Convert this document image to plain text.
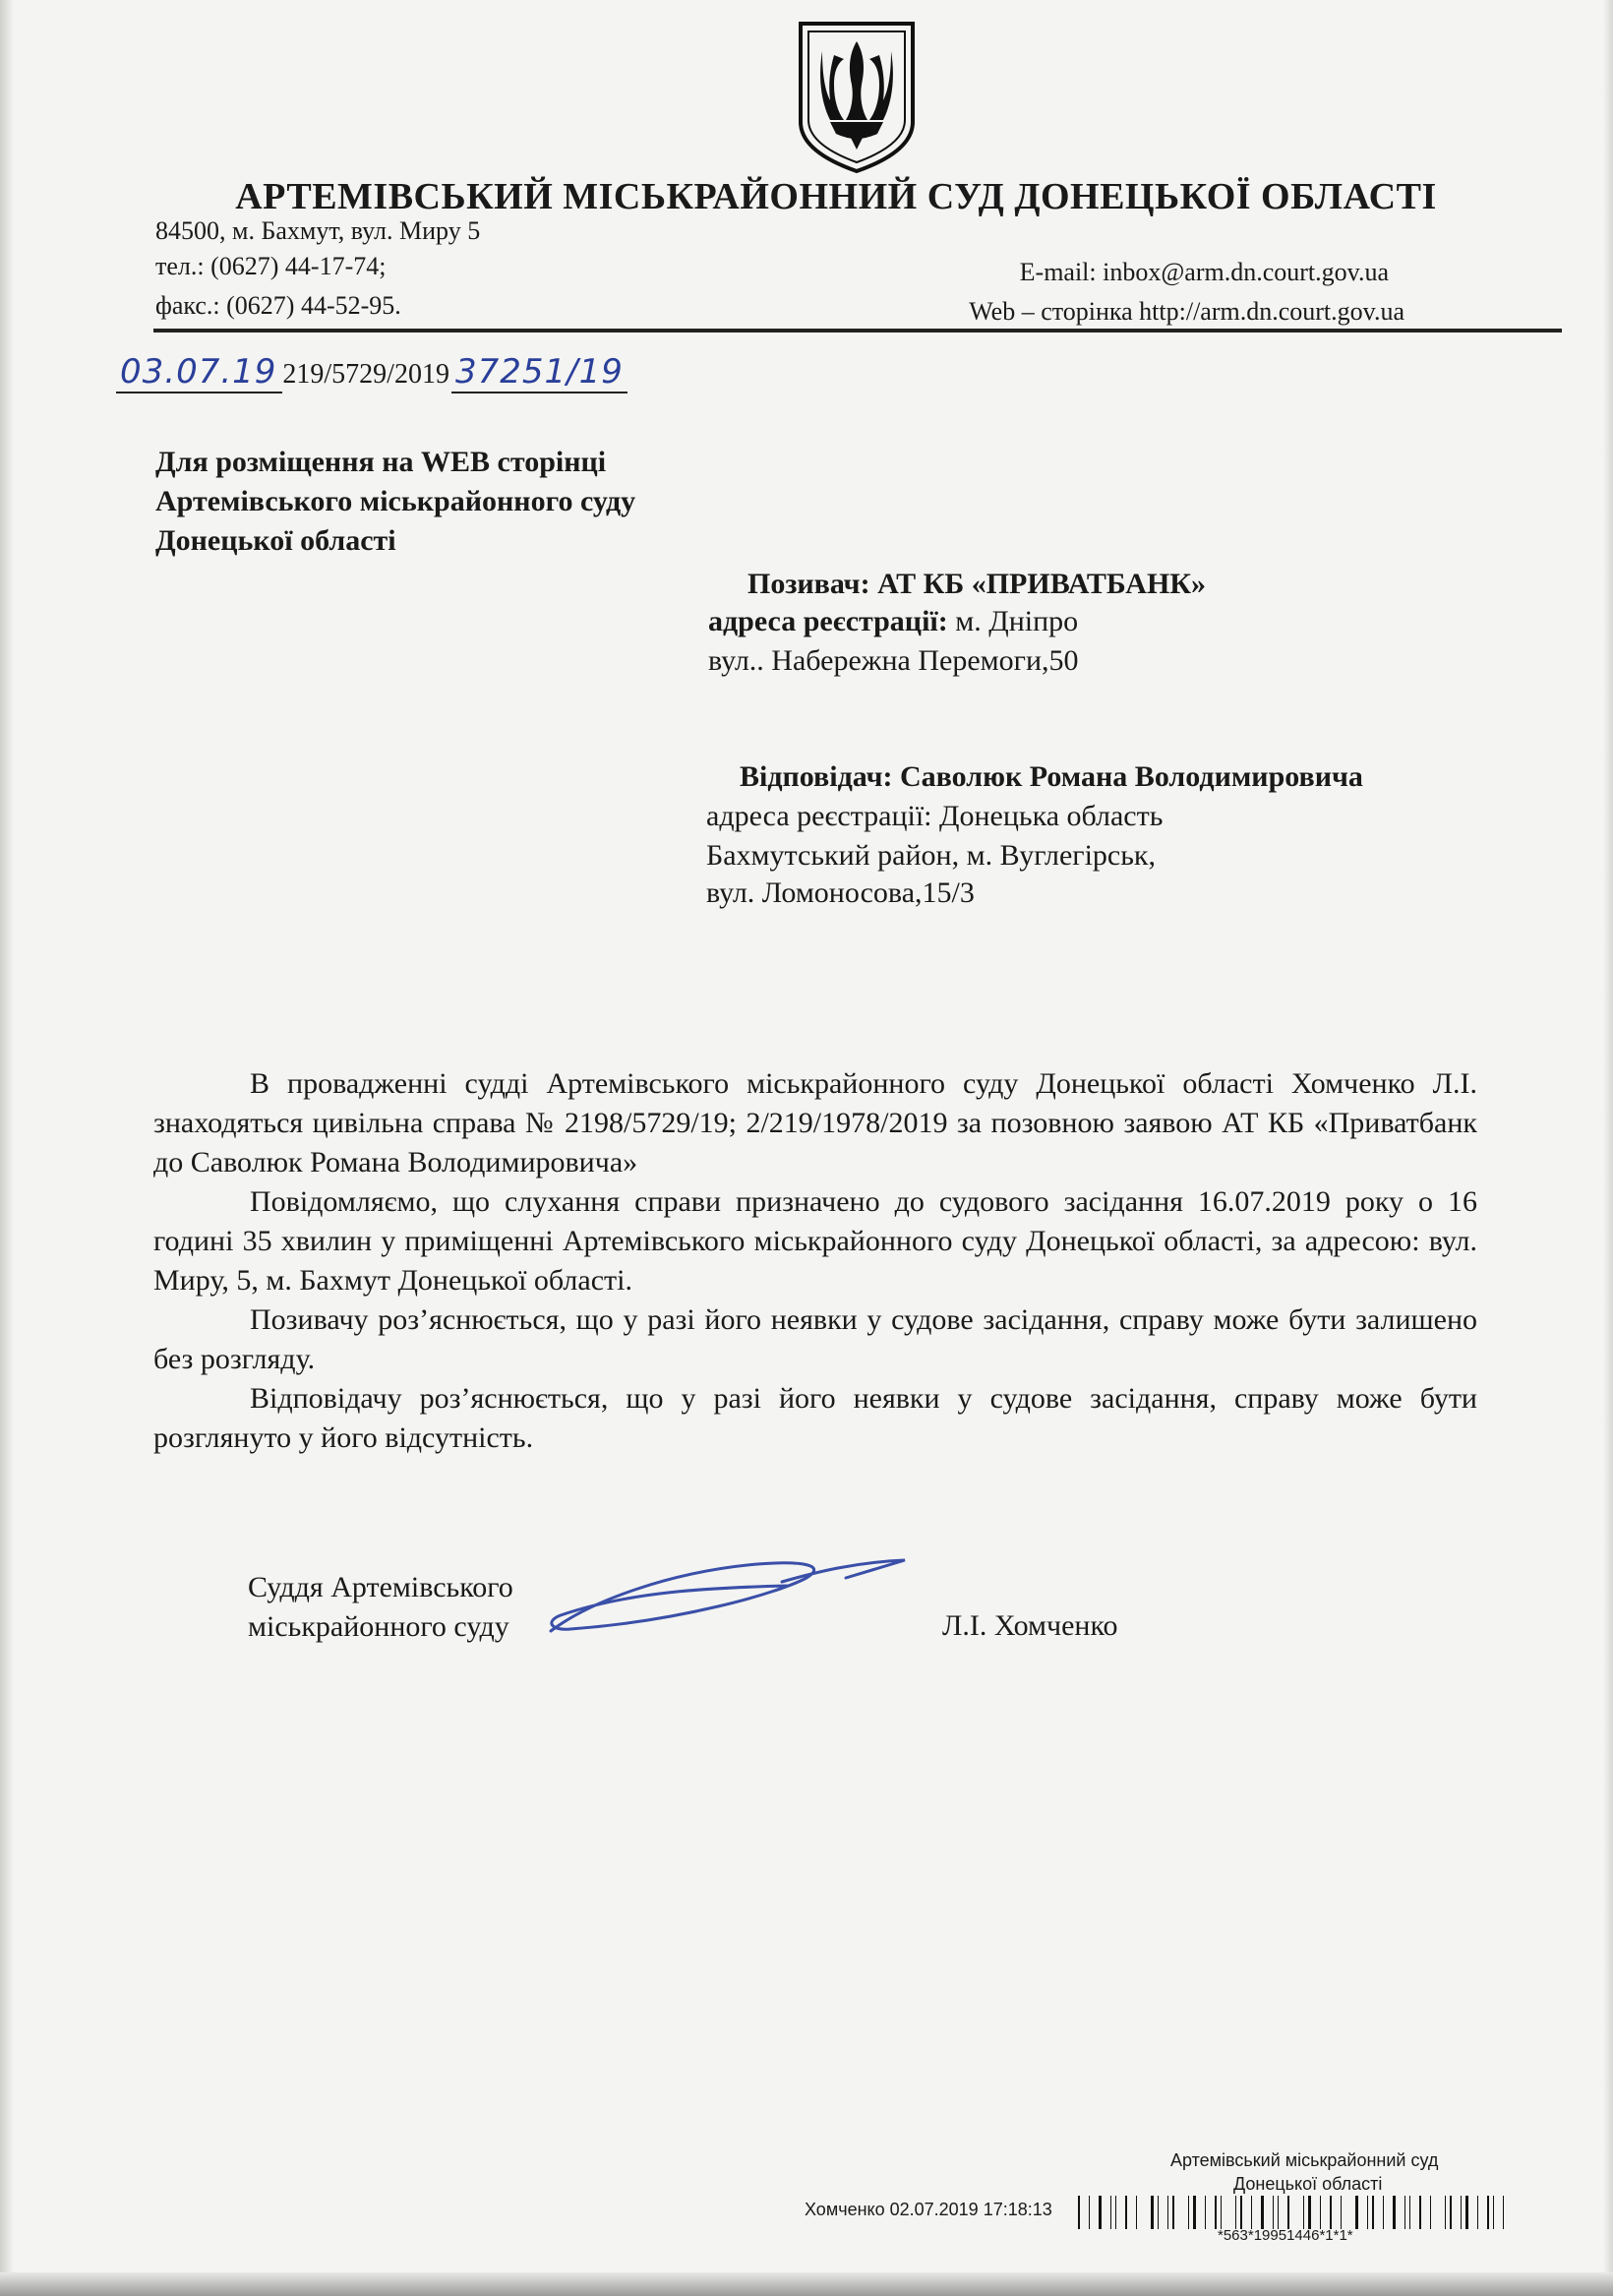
АРТЕМІВСЬКИЙ МІСЬКРАЙОННИЙ СУД ДОНЕЦЬКОЇ ОБЛАСТІ
84500, м. Бахмут, вул. Миру 5
тел.: (0627) 44-17-74;
факс.: (0627) 44-52-95.
E-mail: inbox@arm.dn.court.gov.ua
Web – сторінка http://arm.dn.court.gov.ua
03.07.19 219/5729/2019 37251/19
Для розміщення на WEB сторінці
Артемівського міськрайонного суду
Донецької області
Позивач: АТ КБ «ПРИВАТБАНК»
адреса реєстрації: м. Дніпро
вул.. Набережна Перемоги,50
Відповідач: Саволюк Романа Володимировича
адреса реєстрації: Донецька область
Бахмутський район, м. Вуглегірськ,
вул. Ломоносова,15/3

В провадженні судді Артемівського міськрайонного суду Донецької області Хомченко Л.І. знаходяться цивільна справа № 2198/5729/19; 2/219/1978/2019 за позовною заявою АТ КБ «Приватбанк до Саволюк Романа Володимировича»

Повідомляємо, що слухання справи призначено до судового засідання 16.07.2019 року о 16 годині 35 хвилин у приміщенні Артемівського міськрайонного суду Донецької області, за адресою: вул. Миру, 5, м. Бахмут Донецької області.

Позивачу роз’яснюється, що у разі його неявки у судове засідання, справу може бути залишено без розгляду.

Відповідачу роз’яснюється, що у разі його неявки у судове засідання, справу може бути розглянуто у його відсутність.

Суддя Артемівського
міськрайонного суду	Л.І. Хомченко
Артемівський міськрайонний суд
Донецької області
Хомченко 02.07.2019 17:18:13
*563*19951446*1*1*
